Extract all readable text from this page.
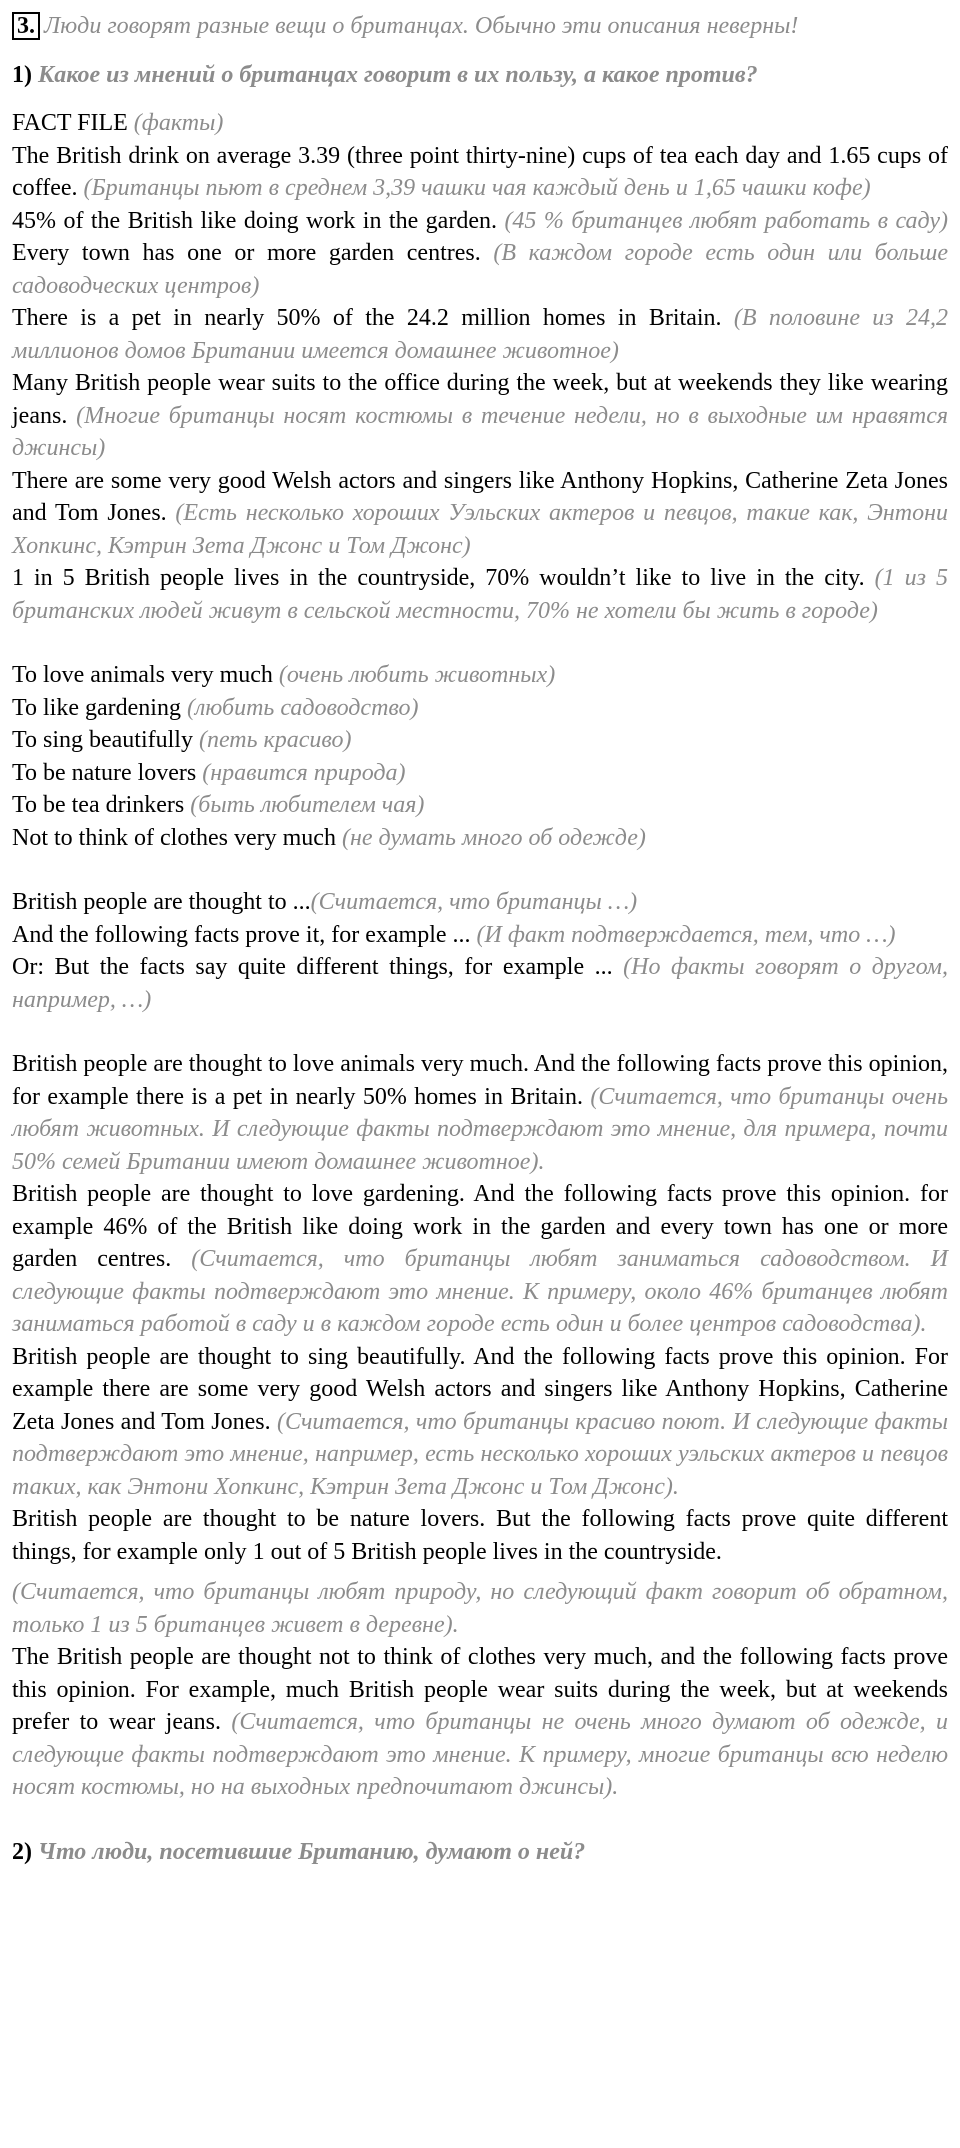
3. Люди говорят разные вещи о британцах. Обычно эти описания неверны!

1) Какое из мнений о британцах говорит в их пользу, а какое против?

FACT FILE (факты)

The British drink on average 3.39 (three point thirty-nine) cups of tea each day and 1.65 cups of coffee. (Британцы пьют в среднем 3,39 чашки чая каждый день и 1,65 чашки кофе)

45% of the British like doing work in the garden. (45 % британцев любят работать в саду) Every town has one or more garden centres. (В каждом городе есть один или больше садоводческих центров)

There is a pet in nearly 50% of the 24.2 million homes in Britain. (В половине из 24,2 миллионов домов Британии имеется домашнее животное)

Many British people wear suits to the office during the week, but at weekends they like wearing jeans. (Многие британцы носят костюмы в течение недели, но в выходные им нравятся джинсы)

There are some very good Welsh actors and singers like Anthony Hopkins, Catherine Zeta Jones and Tom Jones. (Есть несколько хороших Уэльских актеров и певцов, такие как, Энтони Хопкинс, Кэтрин Зета Джонс и Том Джонс)

1 in 5 British people lives in the countryside, 70% wouldn’t like to live in the city. (1 из 5 британских людей живут в сельской местности, 70% не хотели бы жить в городе)

To love animals very much (очень любить животных)

To like gardening (любить садоводство)

To sing beautifully (петь красиво)

To be nature lovers (нравится природа)

To be tea drinkers (быть любителем чая)

Not to think of clothes very much (не думать много об одежде)

British people are thought to ...(Считается, что британцы …)

And the following facts prove it, for example ... (И факт подтверждается, тем, что …)

Or: But the facts say quite different things, for example ... (Но факты говорят о другом, например, …)

British people are thought to love animals very much. And the following facts prove this opinion, for example there is a pet in nearly 50% homes in Britain. (Считается, что британцы очень любят животных. И следующие факты подтверждают это мнение, для примера, почти 50% семей Британии имеют домашнее животное).

British people are thought to love gardening. And the following facts prove this opinion. for example 46% of the British like doing work in the garden and every town has one or more garden centres. (Считается, что британцы любят заниматься садоводством. И следующие факты подтверждают это мнение. К примеру, около 46% британцев любят заниматься работой в саду и в каждом городе есть один и более центров садоводства).

British people are thought to sing beautifully. And the following facts prove this opinion. For example there are some very good Welsh actors and singers like Anthony Hopkins, Catherine Zeta Jones and Tom Jones. (Считается, что британцы красиво поют. И следующие факты подтверждают это мнение, например, есть несколько хороших уэльских актеров и певцов таких, как Энтони Хопкинс, Кэтрин Зета Джонс и Том Джонс).

British people are thought to be nature lovers. But the following facts prove quite different things, for example only 1 out of 5 British people lives in the countryside.

(Считается, что британцы любят природу, но следующий факт говорит об обратном, только 1 из 5 британцев живет в деревне).

The British people are thought not to think of clothes very much, and the following facts prove this opinion. For example, much British people wear suits during the week, but at weekends prefer to wear jeans. (Считается, что британцы не очень много думают об одежде, и следующие факты подтверждают это мнение. К примеру, многие британцы всю неделю носят костюмы, но на выходных предпочитают джинсы).

2) Что люди, посетившие Британию, думают о ней?
